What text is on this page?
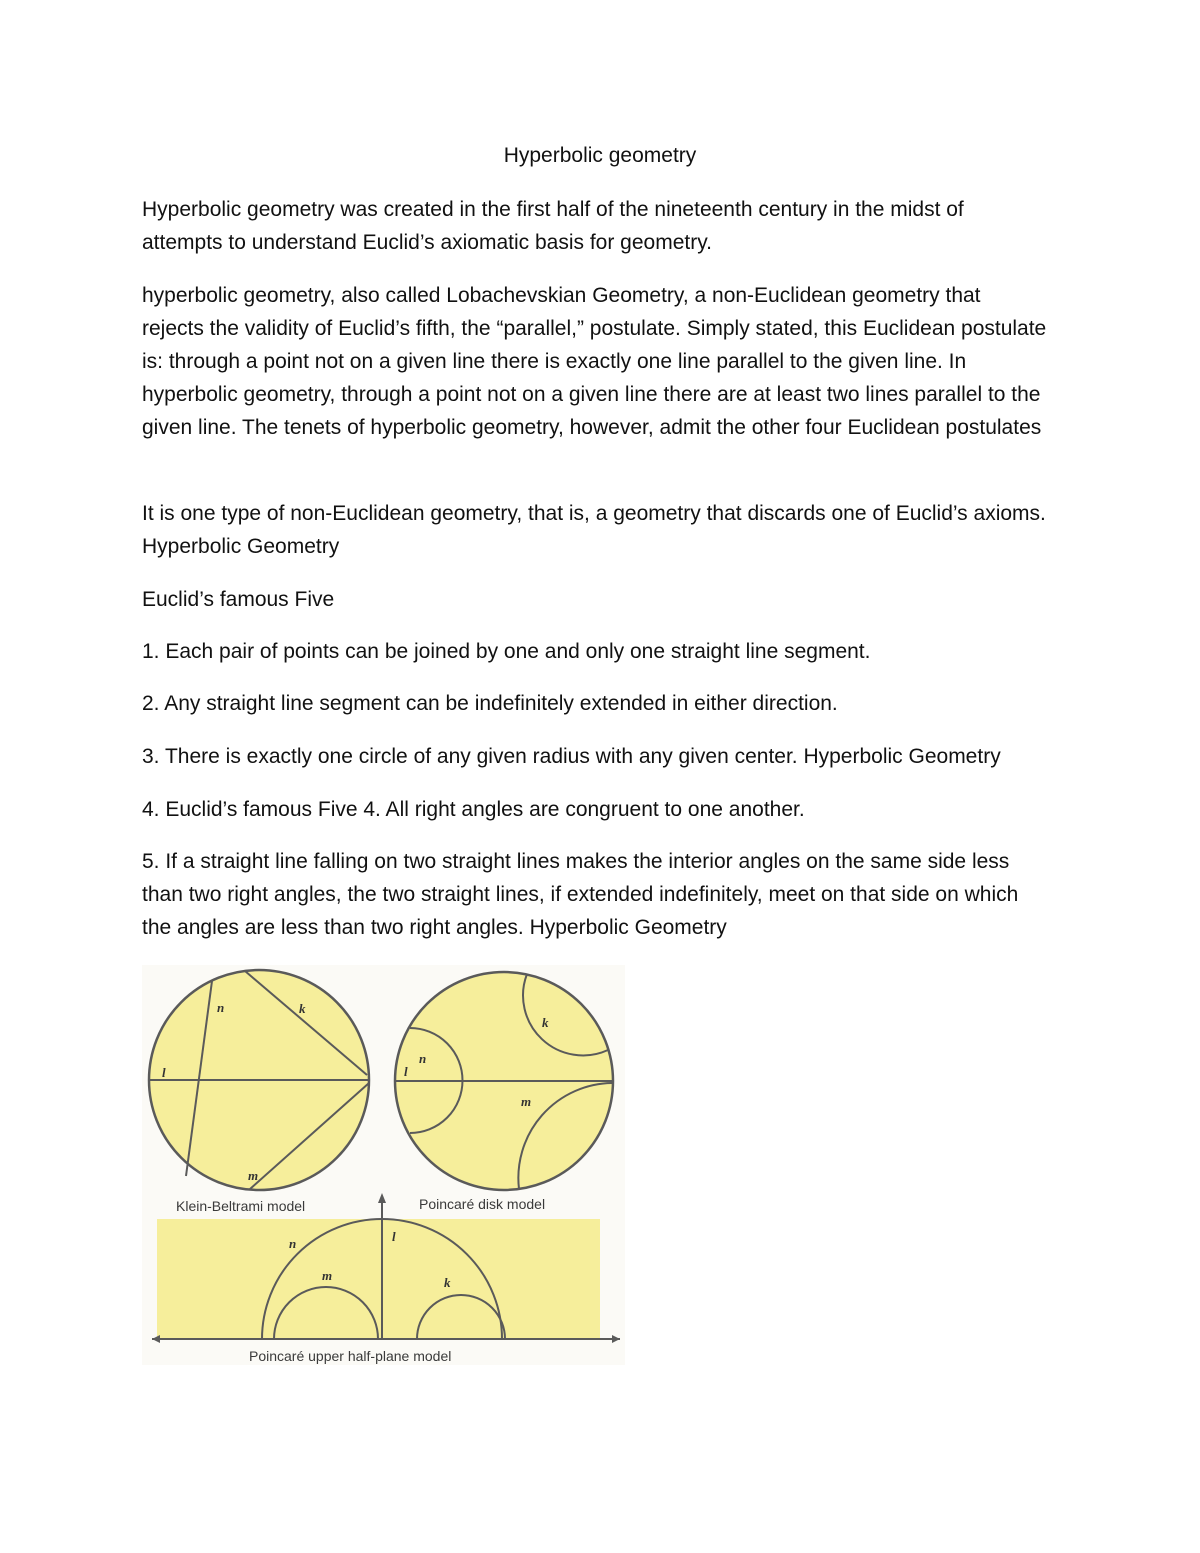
Hyperbolic geometry

Hyperbolic geometry was created in the first half of the nineteenth century in the midst of attempts to understand Euclid’s axiomatic basis for geometry.

hyperbolic geometry, also called Lobachevskian Geometry, a non-Euclidean geometry that rejects the validity of Euclid’s fifth, the “parallel,” postulate. Simply stated, this Euclidean postulate is: through a point not on a given line there is exactly one line parallel to the given line. In hyperbolic geometry, through a point not on a given line there are at least two lines parallel to the given line. The tenets of hyperbolic geometry, however, admit the other four Euclidean postulates

It is one type of non-Euclidean geometry, that is, a geometry that discards one of Euclid’s axioms. Hyperbolic Geometry

Euclid’s famous Five

1. Each pair of points can be joined by one and only one straight line segment.

2. Any straight line segment can be indefinitely extended in either direction.

3. There is exactly one circle of any given radius with any given center. Hyperbolic Geometry

4. Euclid’s famous Five 4. All right angles are congruent to one another.

5. If a straight line falling on two straight lines makes the interior angles on the same side less than two right angles, the two straight lines, if extended indefinitely, meet on that side on which the angles are less than two right angles. Hyperbolic Geometry

n	k
l
m
Klein-Beltrami model
n
k
l
m
Poincaré disk model
n	l
m	k
Poincaré upper half-plane model
